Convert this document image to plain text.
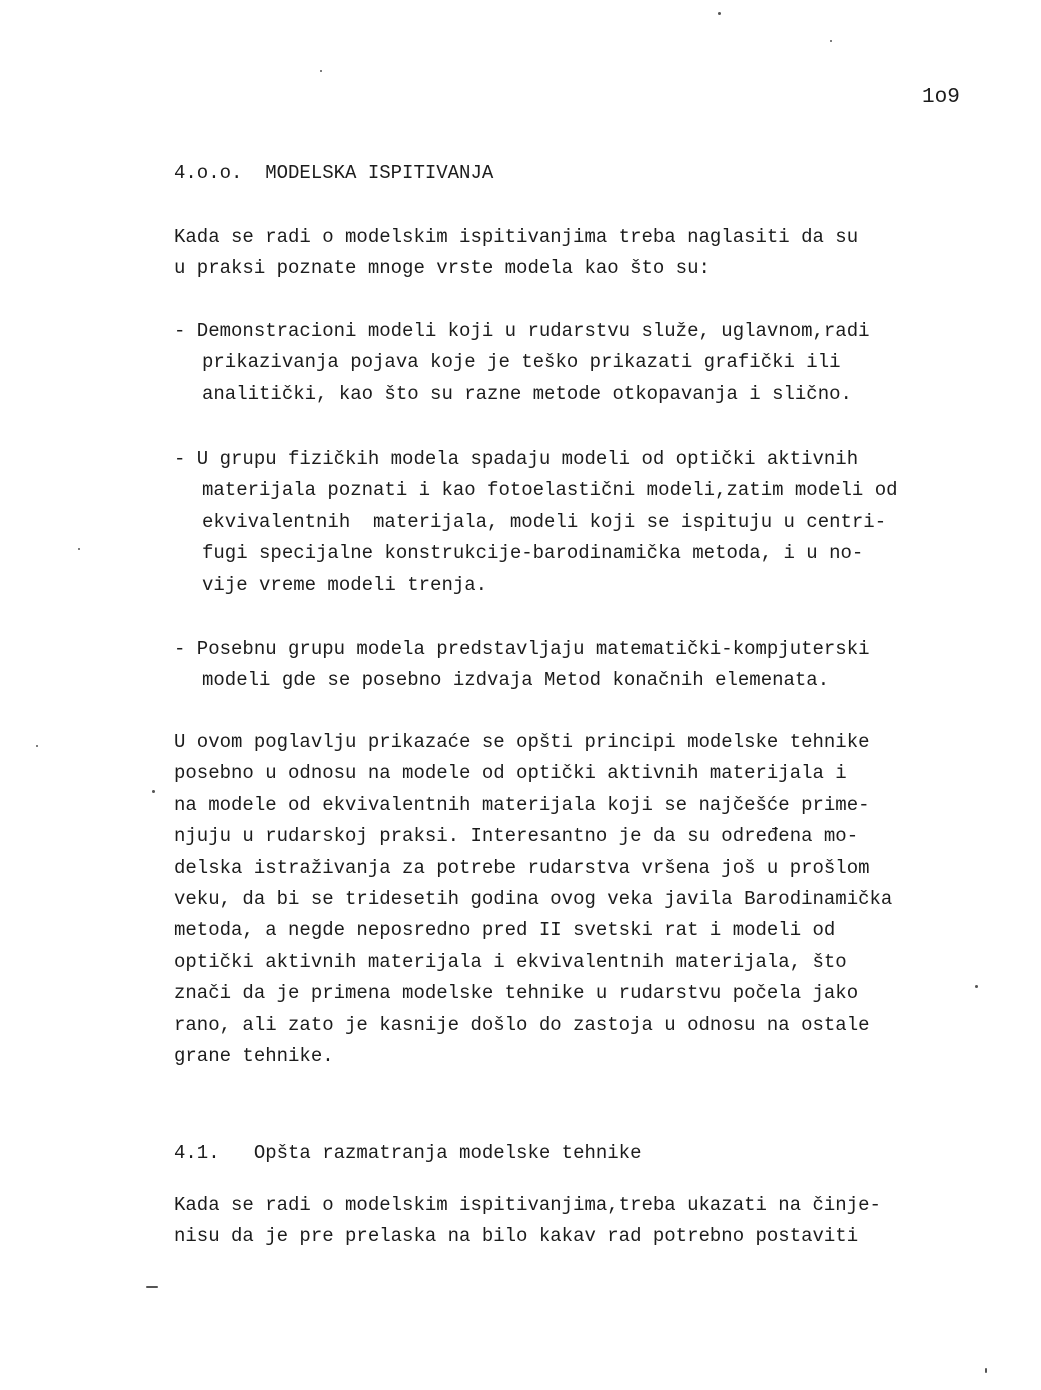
1o9
4.o.o.  MODELSKA ISPITIVANJA
Kada se radi o modelskim ispitivanjima treba naglasiti da su
u praksi poznate mnoge vrste modela kao što su:
- Demonstracioni modeli koji u rudarstvu služe, uglavnom,radi
prikazivanja pojava koje je teško prikazati grafički ili
analitički, kao što su razne metode otkopavanja i slično.
- U grupu fizičkih modela spadaju modeli od optički aktivnih
materijala poznati i kao fotoelastični modeli,zatim modeli od
ekvivalentnih  materijala, modeli koji se ispituju u centri-
fugi specijalne konstrukcije-barodinamička metoda, i u no-
vije vreme modeli trenja.
- Posebnu grupu modela predstavljaju matematički-kompjuterski
modeli gde se posebno izdvaja Metod konačnih elemenata.
U ovom poglavlju prikazaće se opšti principi modelske tehnike
posebno u odnosu na modele od optički aktivnih materijala i
na modele od ekvivalentnih materijala koji se najčešće prime-
njuju u rudarskoj praksi. Interesantno je da su određena mo-
delska istraživanja za potrebe rudarstva vršena još u prošlom
veku, da bi se tridesetih godina ovog veka javila Barodinamička
metoda, a negde neposredno pred II svetski rat i modeli od
optički aktivnih materijala i ekvivalentnih materijala, što
znači da je primena modelske tehnike u rudarstvu počela jako
rano, ali zato je kasnije došlo do zastoja u odnosu na ostale
grane tehnike.
4.1.   Opšta razmatranja modelske tehnike
Kada se radi o modelskim ispitivanjima,treba ukazati na činje-
nisu da je pre prelaska na bilo kakav rad potrebno postaviti
